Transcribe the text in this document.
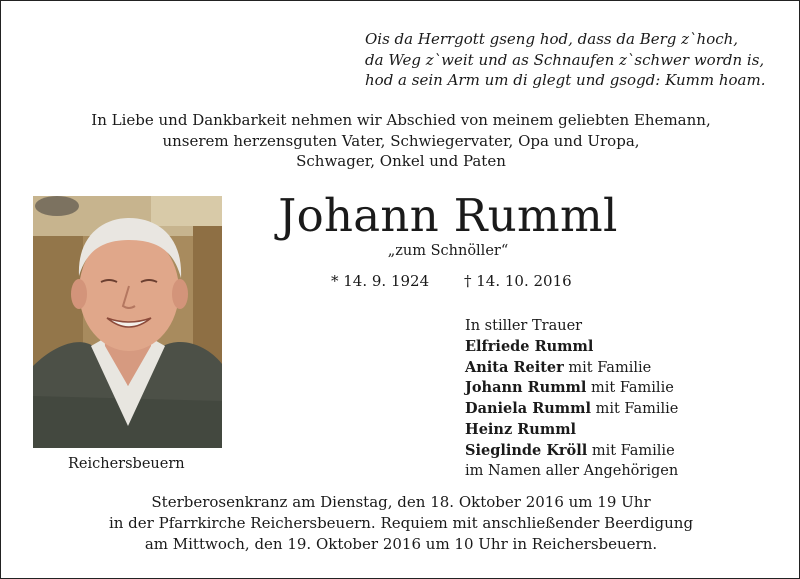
Ois da Herrgott gseng hod, dass da Berg z`hoch,
da Weg z`weit und as Schnaufen z`schwer wordn is,
hod a sein Arm um di glegt und gsogd: Kumm hoam.
In Liebe und Dankbarkeit nehmen wir Abschied von meinem geliebten Ehemann,
unserem herzensguten Vater, Schwiegervater, Opa und Uropa,
Schwager, Onkel und Paten
Reichersbeuern
Johann Rumml
„zum Schnöller“
* 14. 9. 1924 † 14. 10. 2016
In stiller Trauer
Elfriede Rumml
Anita Reiter mit Familie
Johann Rumml mit Familie
Daniela Rumml mit Familie
Heinz Rumml
Sieglinde Kröll mit Familie
im Namen aller Angehörigen
Sterberosenkranz am Dienstag, den 18. Oktober 2016 um 19 Uhr
in der Pfarrkirche Reichersbeuern. Requiem mit anschließender Beerdigung
am Mittwoch, den 19. Oktober 2016 um 10 Uhr in Reichersbeuern.
